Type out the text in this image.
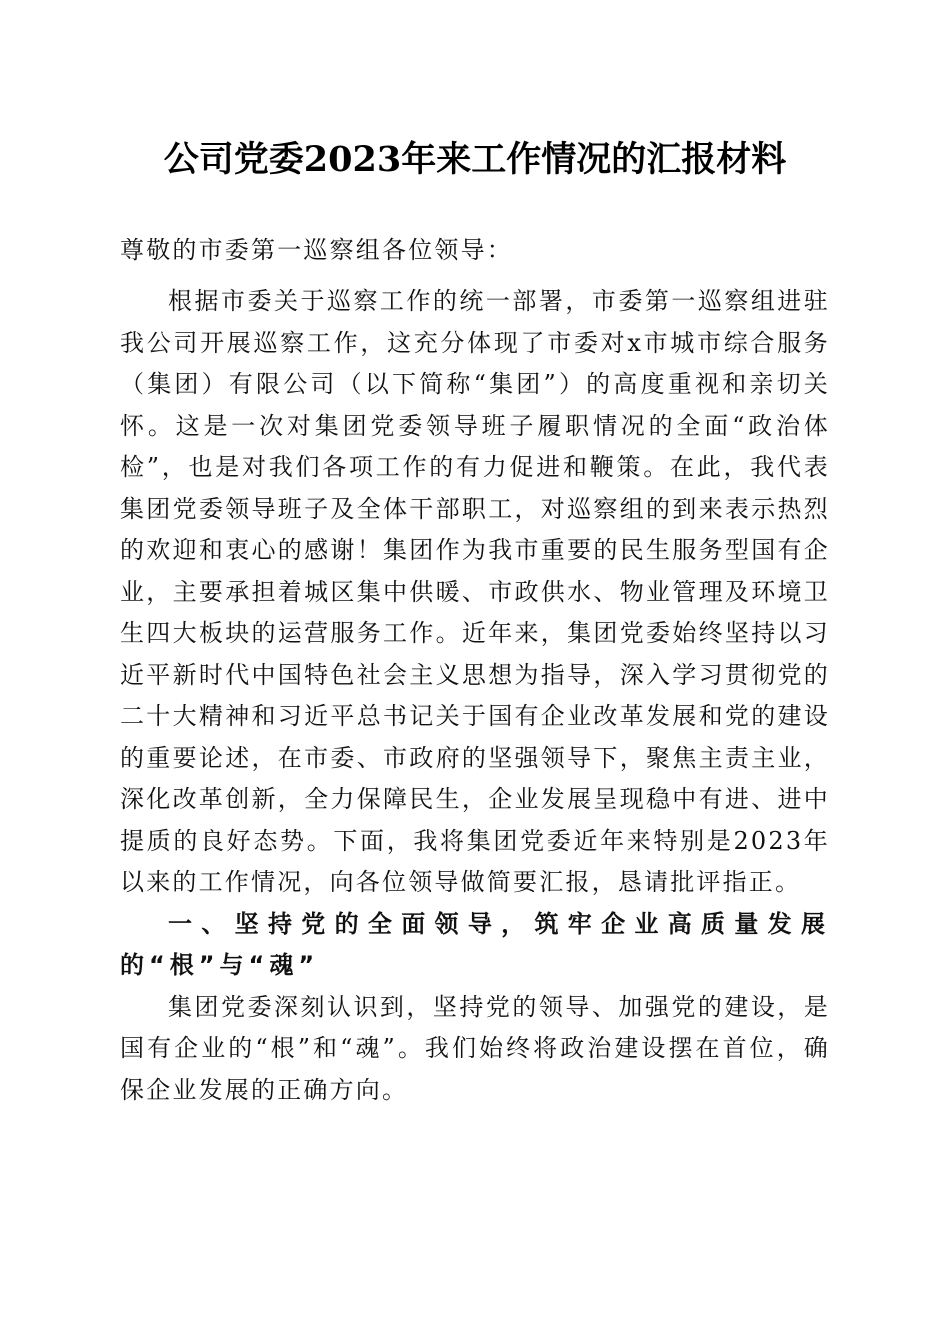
公司党委2023年来工作情况的汇报材料

尊敬的市委第一巡察组各位领导：

根据市委关于巡察工作的统一部署，市委第一巡察组进驻我公司开展巡察工作，这充分体现了市委对x市城市综合服务（集团）有限公司（以下简称“集团”）的高度重视和亲切关怀。这是一次对集团党委领导班子履职情况的全面“政治体检”，也是对我们各项工作的有力促进和鞭策。在此，我代表集团党委领导班子及全体干部职工，对巡察组的到来表示热烈的欢迎和衷心的感谢！集团作为我市重要的民生服务型国有企业，主要承担着城区集中供暖、市政供水、物业管理及环境卫生四大板块的运营服务工作。近年来，集团党委始终坚持以习近平新时代中国特色社会主义思想为指导，深入学习贯彻党的二十大精神和习近平总书记关于国有企业改革发展和党的建设的重要论述，在市委、市政府的坚强领导下，聚焦主责主业，深化改革创新，全力保障民生，企业发展呈现稳中有进、进中提质的良好态势。下面，我将集团党委近年来特别是2023年以来的工作情况，向各位领导做简要汇报，恳请批评指正。

一、坚持党的全面领导，筑牢企业高质量发展的“根”与“魂”

集团党委深刻认识到，坚持党的领导、加强党的建设，是国有企业的“根”和“魂”。我们始终将政治建设摆在首位，确保企业发展的正确方向。
